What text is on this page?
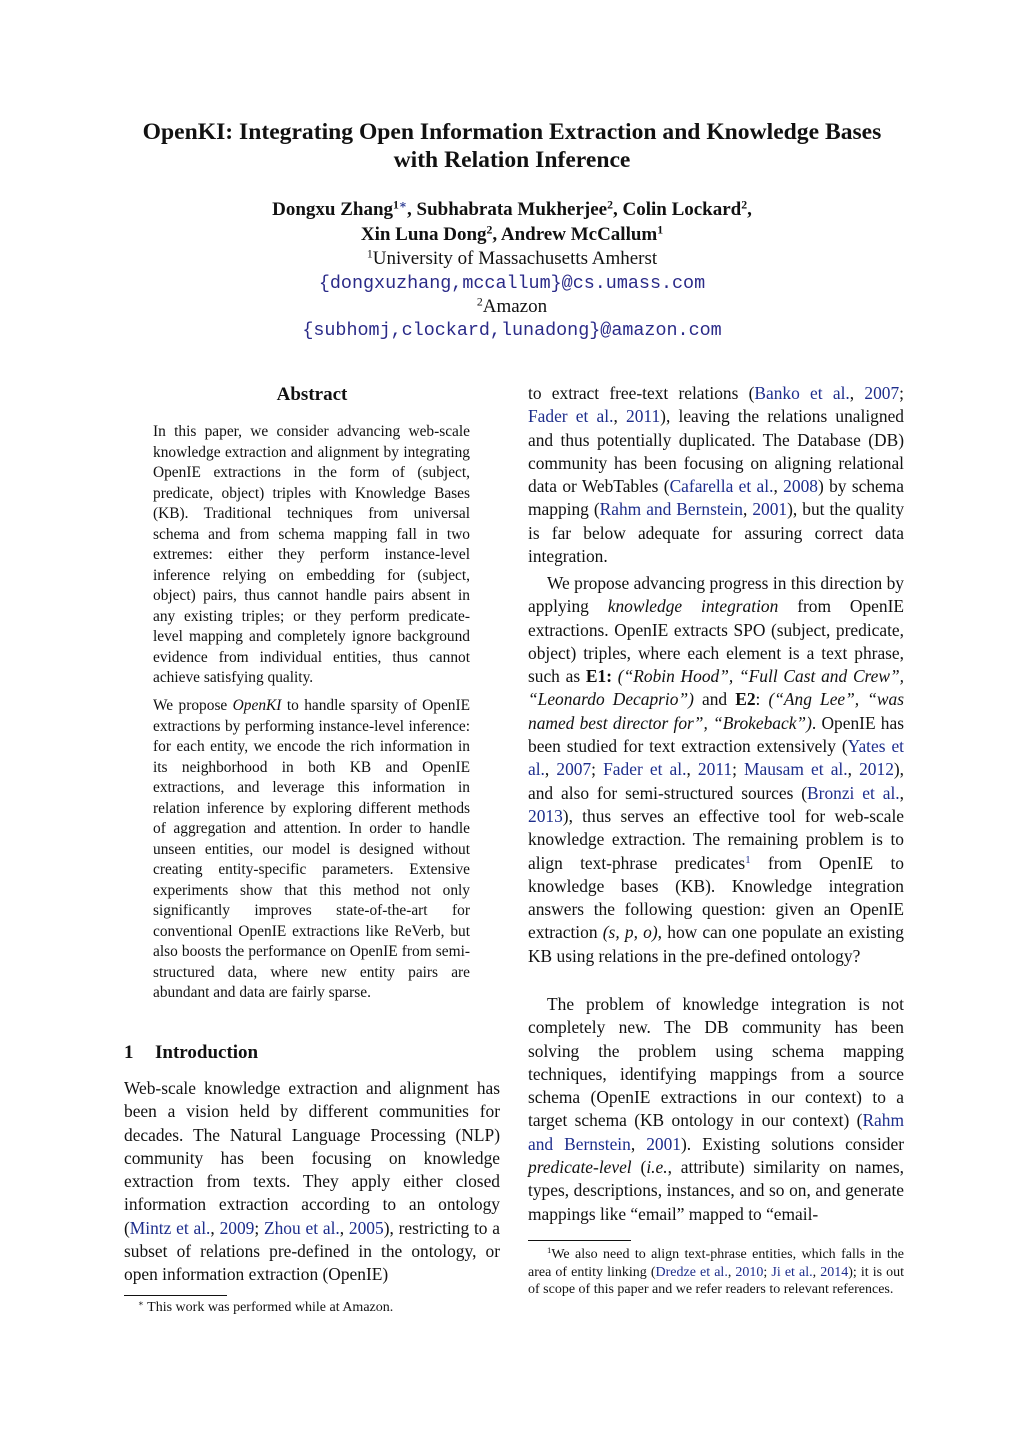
OpenKI: Integrating Open Information Extraction and Knowledge Bases
with Relation Inference
Dongxu Zhang$^{1∗}$, Subhabrata Mukherjee$^2$, Colin Lockard$^2$,
Xin Luna Dong$^2$, Andrew McCallum$^1$
$^1$University of Massachusetts Amherst
{dongxuzhang,mccallum}@cs.umass.com
$^2$Amazon
{subhomj,clockard,lunadong}@amazon.com
Abstract

In this paper, we consider advancing web-scale knowledge extraction and alignment by integrating OpenIE extractions in the form of (subject, predicate, object) triples with Knowledge Bases (KB). Traditional techniques from universal schema and from schema mapping fall in two extremes: either they perform instance-level inference relying on embedding for (subject, object) pairs, thus cannot handle pairs absent in any existing triples; or they perform predicate-level mapping and completely ignore background evidence from individual entities, thus cannot achieve satisfying quality.

We propose OpenKI to handle sparsity of OpenIE extractions by performing instance-level inference: for each entity, we encode the rich information in its neighborhood in both KB and OpenIE extractions, and leverage this information in relation inference by exploring different methods of aggregation and attention. In order to handle unseen entities, our model is designed without creating entity-specific parameters. Extensive experiments show that this method not only significantly improves state-of-the-art for conventional OpenIE extractions like ReVerb, but also boosts the performance on OpenIE from semi-structured data, where new entity pairs are abundant and data are fairly sparse.

1 Introduction

Web-scale knowledge extraction and alignment has been a vision held by different communities for decades. The Natural Language Processing (NLP) community has been focusing on knowledge extraction from texts. They apply either closed information extraction according to an ontology (Mintz et al., 2009; Zhou et al., 2005), restricting to a subset of relations pre-defined in the ontology, or open information extraction (OpenIE)

to extract free-text relations (Banko et al., 2007; Fader et al., 2011), leaving the relations unaligned and thus potentially duplicated. The Database (DB) community has been focusing on aligning relational data or WebTables (Cafarella et al., 2008) by schema mapping (Rahm and Bernstein, 2001), but the quality is far below adequate for assuring correct data integration.

We propose advancing progress in this direction by applying knowledge integration from OpenIE extractions. OpenIE extracts SPO (subject, predicate, object) triples, where each element is a text phrase, such as E1: (“Robin Hood”, “Full Cast and Crew”, “Leonardo Decaprio”) and E2: (“Ang Lee”, “was named best director for”, “Brokeback”). OpenIE has been studied for text extraction extensively (Yates et al., 2007; Fader et al., 2011; Mausam et al., 2012), and also for semi-structured sources (Bronzi et al., 2013), thus serves an effective tool for web-scale knowledge extraction. The remaining problem is to align text-phrase predicates$^1$ from OpenIE to knowledge bases (KB). Knowledge integration answers the following question: given an OpenIE extraction (s, p, o), how can one populate an existing KB using relations in the pre-defined ontology?

The problem of knowledge integration is not completely new. The DB community has been solving the problem using schema mapping techniques, identifying mappings from a source schema (OpenIE extractions in our context) to a target schema (KB ontology in our context) (Rahm and Bernstein, 2001). Existing solutions consider predicate-level (i.e., attribute) similarity on names, types, descriptions, instances, and so on, and generate mappings like “email” mapped to “email-

∗ This work was performed while at Amazon.

$^1$We also need to align text-phrase entities, which falls in the area of entity linking (Dredze et al., 2010; Ji et al., 2014); it is out of scope of this paper and we refer readers to relevant references.
